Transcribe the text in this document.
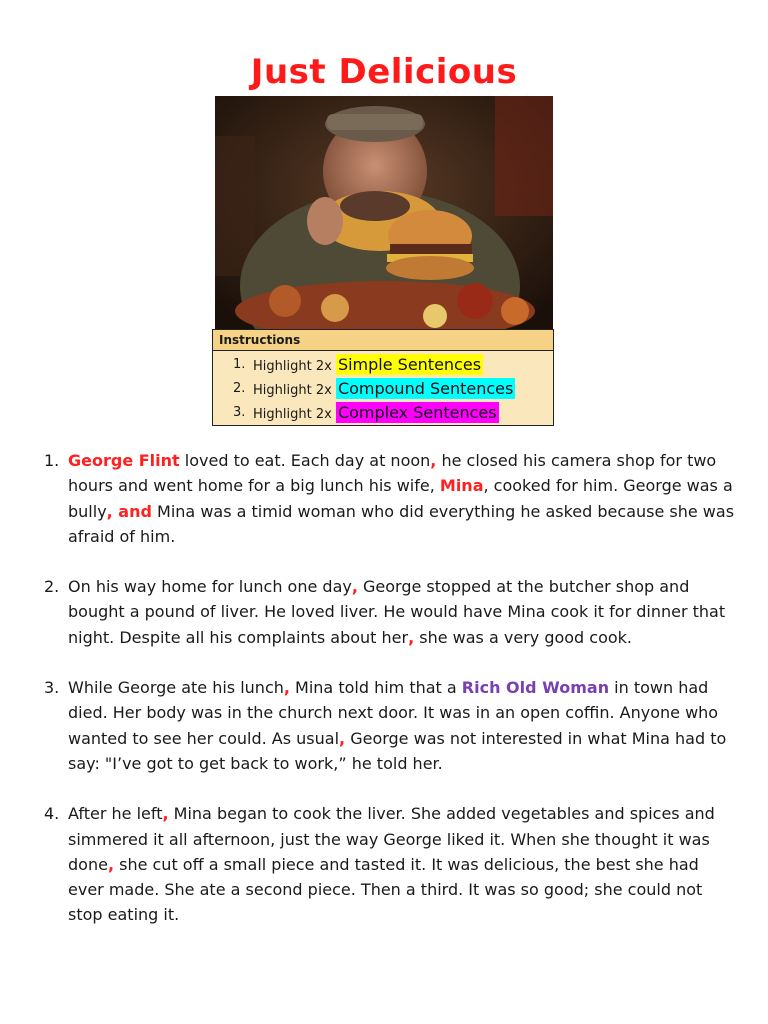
Just Delicious
Instructions
1. Highlight 2x Simple Sentences
2. Highlight 2x Compound Sentences
3. Highlight 2x Complex Sentences
1. George Flint loved to eat. Each day at noon, he closed his camera shop for two hours and went home for a big lunch his wife, Mina, cooked for him. George was a bully, and Mina was a timid woman who did everything he asked because she was afraid of him.
2. On his way home for lunch one day, George stopped at the butcher shop and bought a pound of liver. He loved liver. He would have Mina cook it for dinner that night. Despite all his complaints about her, she was a very good cook.
3. While George ate his lunch, Mina told him that a Rich Old Woman in town had died. Her body was in the church next door. It was in an open coffin. Anyone who wanted to see her could. As usual, George was not interested in what Mina had to say: "I’ve got to get back to work,” he told her.
4. After he left, Mina began to cook the liver. She added vegetables and spices and simmered it all afternoon, just the way George liked it. When she thought it was done, she cut off a small piece and tasted it. It was delicious, the best she had ever made. She ate a second piece. Then a third. It was so good; she could not stop eating it.
